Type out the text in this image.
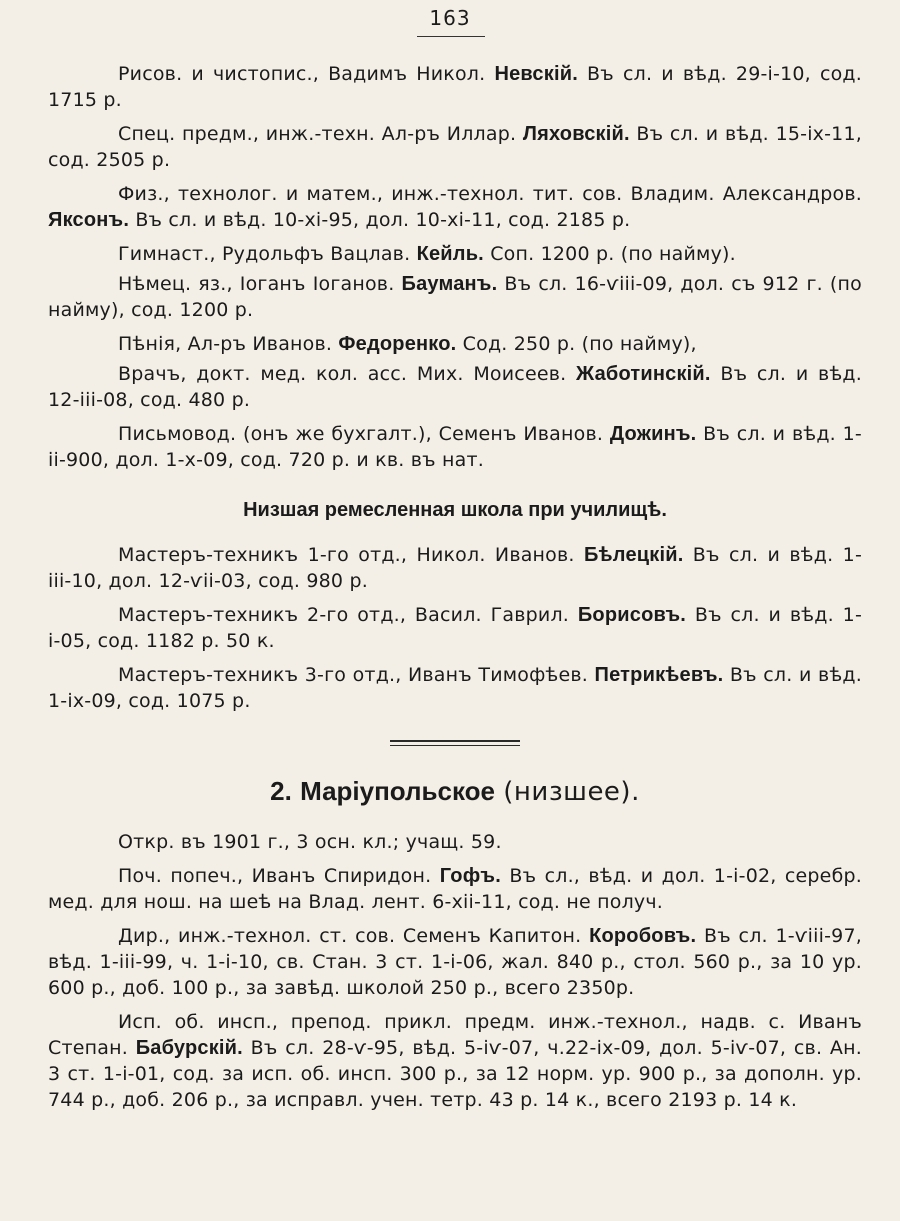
163

Рисов. и чистопис., Вадимъ Никол. Невскій. Въ сл. и вѣд. 29-і-10, сод. 1715 р.

Спец. предм., инж.-техн. Ал-ръ Иллар. Ляховскій. Въ сл. и вѣд. 15-іх-11, сод. 2505 р.

Физ., технолог. и матем., инж.-технол. тит. сов. Владим. Александров. Яксонъ. Въ сл. и вѣд. 10-хі-95, дол. 10-хі-11, сод. 2185 р.

Гимнаст., Рудольфъ Вацлав. Кейль. Соп. 1200 р. (по найму).

Нѣмец. яз., Іоганъ Іоганов. Бауманъ. Въ сл. 16-ѵііі-09, дол. съ 912 г. (по найму), сод. 1200 р.

Пѣнія, Ал-ръ Иванов. Федоренко. Сод. 250 р. (по найму),

Врачъ, докт. мед. кол. асс. Мих. Моисеев. Жаботинскій. Въ сл. и вѣд. 12-ііі-08, сод. 480 р.

Письмовод. (онъ же бухгалт.), Семенъ Иванов. Дожинъ. Въ сл. и вѣд. 1-іі-900, дол. 1-х-09, сод. 720 р. и кв. въ нат.

Низшая ремесленная школа при училищѣ.

Мастеръ-техникъ 1-го отд., Никол. Иванов. Бѣлецкій. Въ сл. и вѣд. 1-ііі-10, дол. 12-ѵіі-03, сод. 980 р.

Мастеръ-техникъ 2-го отд., Васил. Гаврил. Борисовъ. Въ сл. и вѣд. 1-і-05, сод. 1182 р. 50 к.

Мастеръ-техникъ 3-го отд., Иванъ Тимофѣев. Петрикѣевъ. Въ сл. и вѣд. 1-іх-09, сод. 1075 р.

2. Маріупольское (низшее).

Откр. въ 1901 г., 3 осн. кл.; учащ. 59.

Поч. попеч., Иванъ Спиридон. Гофъ. Въ сл., вѣд. и дол. 1-і-02, серебр. мед. для нош. на шеѣ на Влад. лент. 6-хіі-11, сод. не получ.

Дир., инж.-технол. ст. сов. Семенъ Капитон. Коробовъ. Въ сл. 1-ѵііі-97, вѣд. 1-ііі-99, ч. 1-і-10, св. Стан. 3 ст. 1-і-06, жал. 840 р., стол. 560 р., за 10 ур. 600 р., доб. 100 р., за завѣд. школой 250 р., всего 2350р.

Исп. об. инсп., препод. прикл. предм. инж.-технол., надв. с. Иванъ Степан. Бабурскій. Въ сл. 28-ѵ-95, вѣд. 5-іѵ-07, ч.22-іх-09, дол. 5-іѵ-07, св. Ан. 3 ст. 1-і-01, сод. за исп. об. инсп. 300 р., за 12 норм. ур. 900 р., за дополн. ур. 744 р., доб. 206 р., за исправл. учен. тетр. 43 р. 14 к., всего 2193 р. 14 к.
